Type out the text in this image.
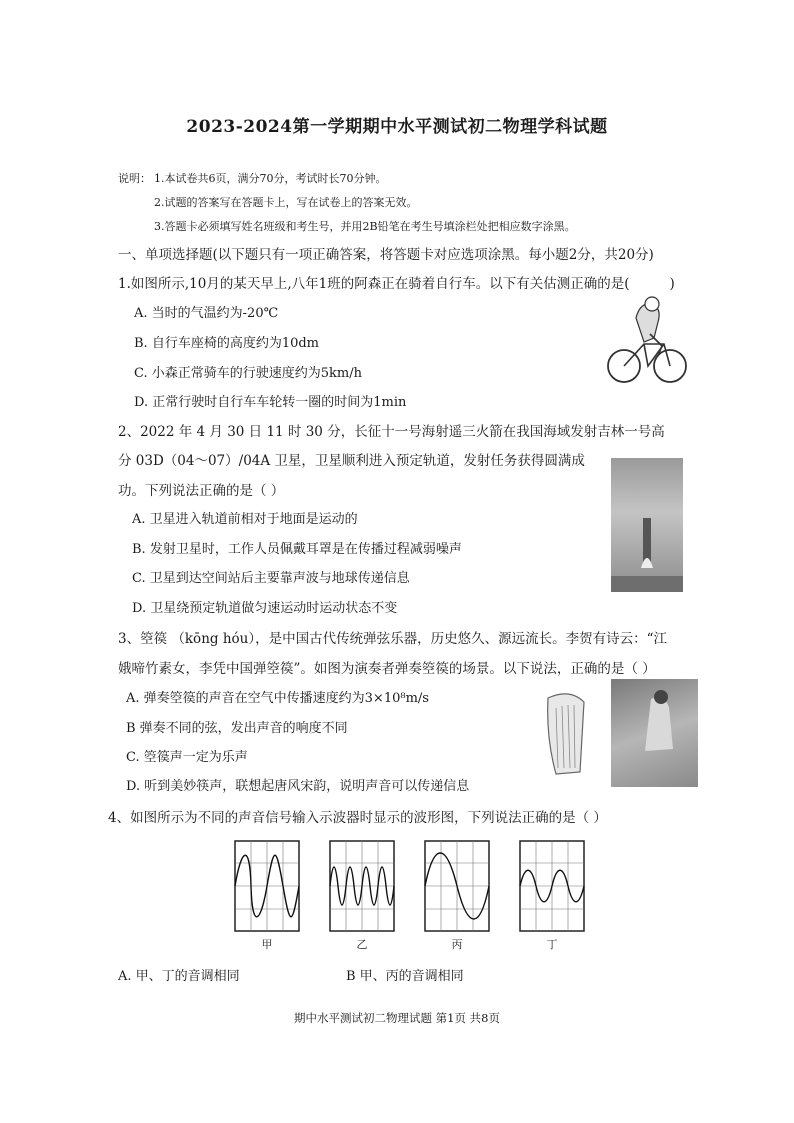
2023-2024第一学期期中水平测试初二物理学科试题
说明： 1.本试卷共6页，满分70分，考试时长70分钟。
2.试题的答案写在答题卡上，写在试卷上的答案无效。
3.答题卡必须填写姓名班级和考生号，并用2B铅笔在考生号填涂栏处把相应数字涂黑。
一、单项选择题(以下题只有一项正确答案，将答题卡对应选项涂黑。每小题2分，共20分)
1.如图所示,10月的某天早上,八年1班的阿森正在骑着自行车。以下有关估测正确的是(	)
A. 当时的气温约为-20℃
B. 自行车座椅的高度约为10dm
C. 小森正常骑车的行驶速度约为5km/h
D. 正常行驶时自行车车轮转一圈的时间为1min
2、2022 年 4 月 30 日 11 时 30 分，长征十一号海射遥三火箭在我国海域发射吉林一号高
分 03D（04～07）/04A 卫星，卫星顺利进入预定轨道，发射任务获得圆满成
功。下列说法正确的是（ ）
A. 卫星进入轨道前相对于地面是运动的
B. 发射卫星时，工作人员佩戴耳罩是在传播过程减弱噪声
C. 卫星到达空间站后主要靠声波与地球传递信息
D. 卫星绕预定轨道做匀速运动时运动状态不变
3、箜篌 （kōng hóu），是中国古代传统弹弦乐器，历史悠久、源远流长。李贺有诗云：“江
娥啼竹素女，李凭中国弹箜篌”。如图为演奏者弹奏箜篌的场景。以下说法，正确的是（ ）
A. 弹奏箜篌的声音在空气中传播速度约为3×10⁸m/s
B 弹奏不同的弦，发出声音的响度不同
C. 箜篌声一定为乐声
D. 听到美妙筷声，联想起唐风宋韵，说明声音可以传递信息
4、如图所示为不同的声音信号输入示波器时显示的波形图，下列说法正确的是（ ）
甲	乙	丙	丁
A. 甲、丁的音调相同	B 甲、丙的音调相同
期中水平测试初二物理试题 第1页 共8页
